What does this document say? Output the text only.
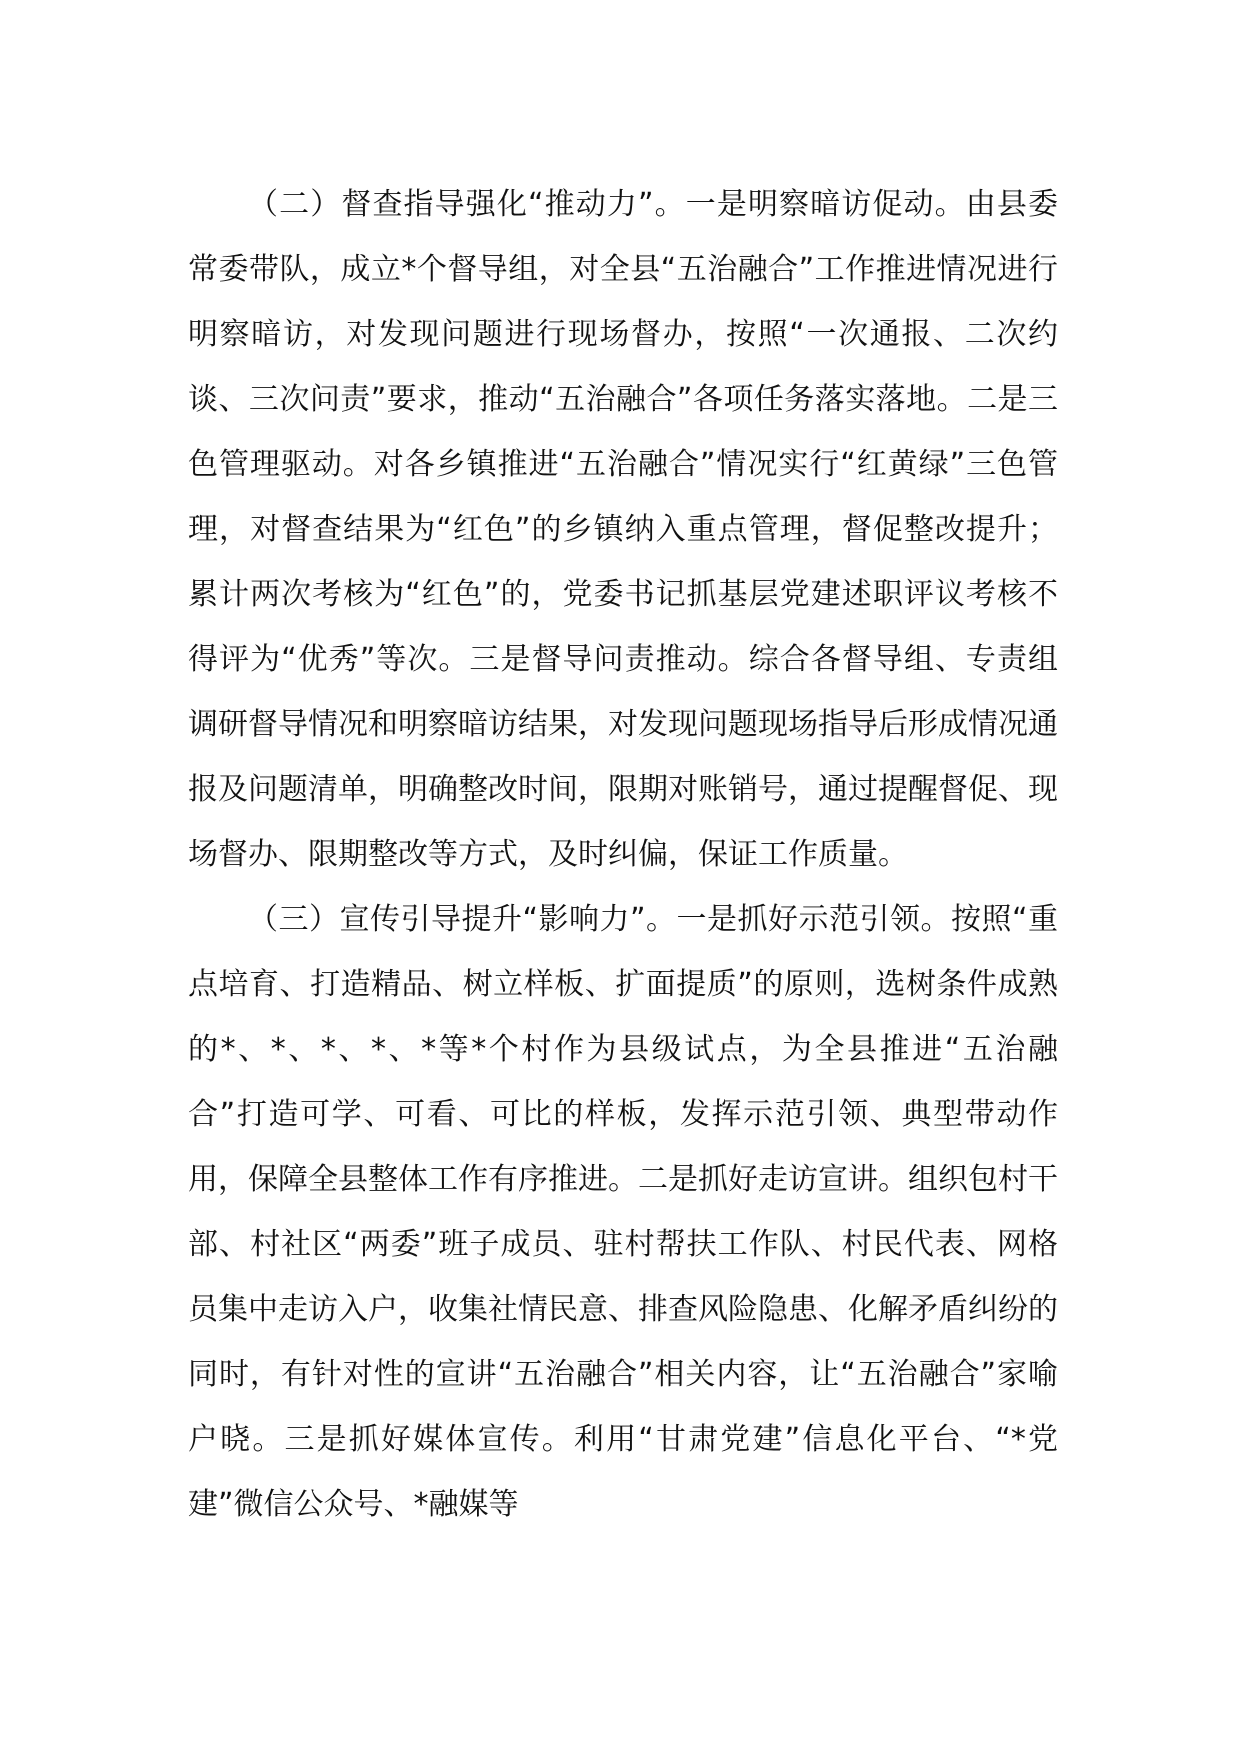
（二）督查指导强化“推动力”。一是明察暗访促动。由县委常委带队，成立*个督导组，对全县“五治融合”工作推进情况进行明察暗访，对发现问题进行现场督办，按照“一次通报、二次约谈、三次问责”要求，推动“五治融合”各项任务落实落地。二是三色管理驱动。对各乡镇推进“五治融合”情况实行“红黄绿”三色管理，对督查结果为“红色”的乡镇纳入重点管理，督促整改提升；累计两次考核为“红色”的，党委书记抓基层党建述职评议考核不得评为“优秀”等次。三是督导问责推动。综合各督导组、专责组调研督导情况和明察暗访结果，对发现问题现场指导后形成情况通报及问题清单，明确整改时间，限期对账销号，通过提醒督促、现场督办、限期整改等方式，及时纠偏，保证工作质量。

（三）宣传引导提升“影响力”。一是抓好示范引领。按照“重点培育、打造精品、树立样板、扩面提质”的原则，选树条件成熟的*、*、*、*、*等*个村作为县级试点，为全县推进“五治融合”打造可学、可看、可比的样板，发挥示范引领、典型带动作用，保障全县整体工作有序推进。二是抓好走访宣讲。组织包村干部、村社区“两委”班子成员、驻村帮扶工作队、村民代表、网格员集中走访入户，收集社情民意、排查风险隐患、化解矛盾纠纷的同时，有针对性的宣讲“五治融合”相关内容，让“五治融合”家喻户晓。三是抓好媒体宣传。利用“甘肃党建”信息化平台、“*党建”微信公众号、*融媒等
